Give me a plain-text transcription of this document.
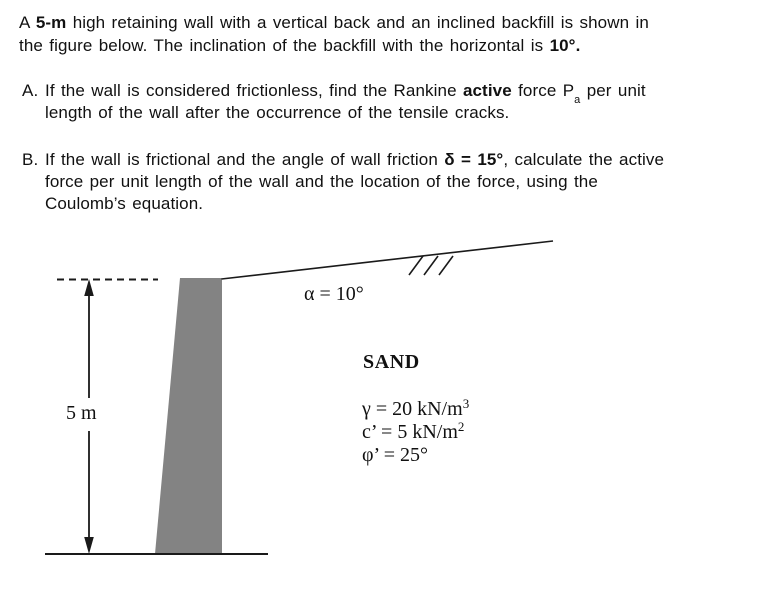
A 5-m high retaining wall with a vertical back and an inclined backfill is shown in
the figure below. The inclination of the backfill with the horizontal is 10°.
A. If the wall is considered frictionless, find the Rankine active force $P_a$ per unit
length of the wall after the occurrence of the tensile cracks.
B. If the wall is frictional and the angle of wall friction δ = 15°, calculate the active
force per unit length of the wall and the location of the force, using the
Coulomb’s equation.
5 m
α = 10°
SAND
γ = 20 $kN/m^3$
c’ = 5 $kN/m^2$
φ’ = 25°
